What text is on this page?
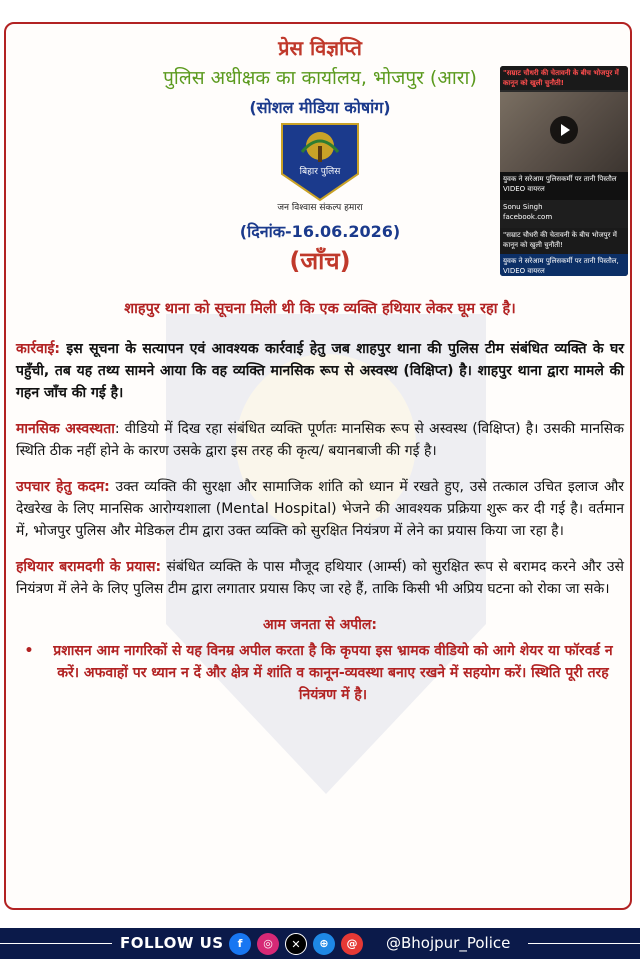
प्रेस विज्ञप्ति
पुलिस अधीक्षक का कार्यालय, भोजपुर (आरा)
(सोशल मीडिया कोषांग)
बिहार पुलिस
जन विश्वास संकल्प हमारा
(दिनांक-16.06.2026)
(जाँच)
"सम्राट चौधरी की चेतावनी के बीच भोजपुर में कानून को खुली चुनौती!
युवक ने सरेआम पुलिसकर्मी पर तानी पिस्तौल VIDEO वायरल
Sonu Singh
facebook.com
"सम्राट चौधरी की चेतावनी के बीच भोजपुर में कानून को खुली चुनौती!
युवक ने सरेआम पुलिसकर्मी पर तानी पिस्तौल, VIDEO वायरल
शाहपुर थाना को सूचना मिली थी कि एक व्यक्ति हथियार लेकर घूम रहा है।

कार्रवाई: इस सूचना के सत्यापन एवं आवश्यक कार्रवाई हेतु जब शाहपुर थाना की पुलिस टीम संबंधित व्यक्ति के घर पहुँची, तब यह तथ्य सामने आया कि वह व्यक्ति मानसिक रूप से अस्वस्थ (विक्षिप्त) है। शाहपुर थाना द्वारा मामले की गहन जाँच की गई है।

मानसिक अस्वस्थता: वीडियो में दिख रहा संबंधित व्यक्ति पूर्णतः मानसिक रूप से अस्वस्थ (विक्षिप्त) है। उसकी मानसिक स्थिति ठीक नहीं होने के कारण उसके द्वारा इस तरह की कृत्य/ बयानबाजी की गई है।

उपचार हेतु कदम: उक्त व्यक्ति की सुरक्षा और सामाजिक शांति को ध्यान में रखते हुए, उसे तत्काल उचित इलाज और देखरेख के लिए मानसिक आरोग्यशाला (Mental Hospital) भेजने की आवश्यक प्रक्रिया शुरू कर दी गई है। वर्तमान में, भोजपुर पुलिस और मेडिकल टीम द्वारा उक्त व्यक्ति को सुरक्षित नियंत्रण में लेने का प्रयास किया जा रहा है।

हथियार बरामदगी के प्रयास: संबंधित व्यक्ति के पास मौजूद हथियार (आर्म्स) को सुरक्षित रूप से बरामद करने और उसे नियंत्रण में लेने के लिए पुलिस टीम द्वारा लगातार प्रयास किए जा रहे हैं, ताकि किसी भी अप्रिय घटना को रोका जा सके।

आम जनता से अपील:
•	प्रशासन आम नागरिकों से यह विनम्र अपील करता है कि कृपया इस भ्रामक वीडियो को आगे शेयर या फॉरवर्ड न करें। अफवाहों पर ध्यान न दें और क्षेत्र में शांति व कानून-व्यवस्था बनाए रखने में सहयोग करें। स्थिति पूरी तरह नियंत्रण में है।
FOLLOW US	f	◎	✕	⊕	@	@Bhojpur_Police
